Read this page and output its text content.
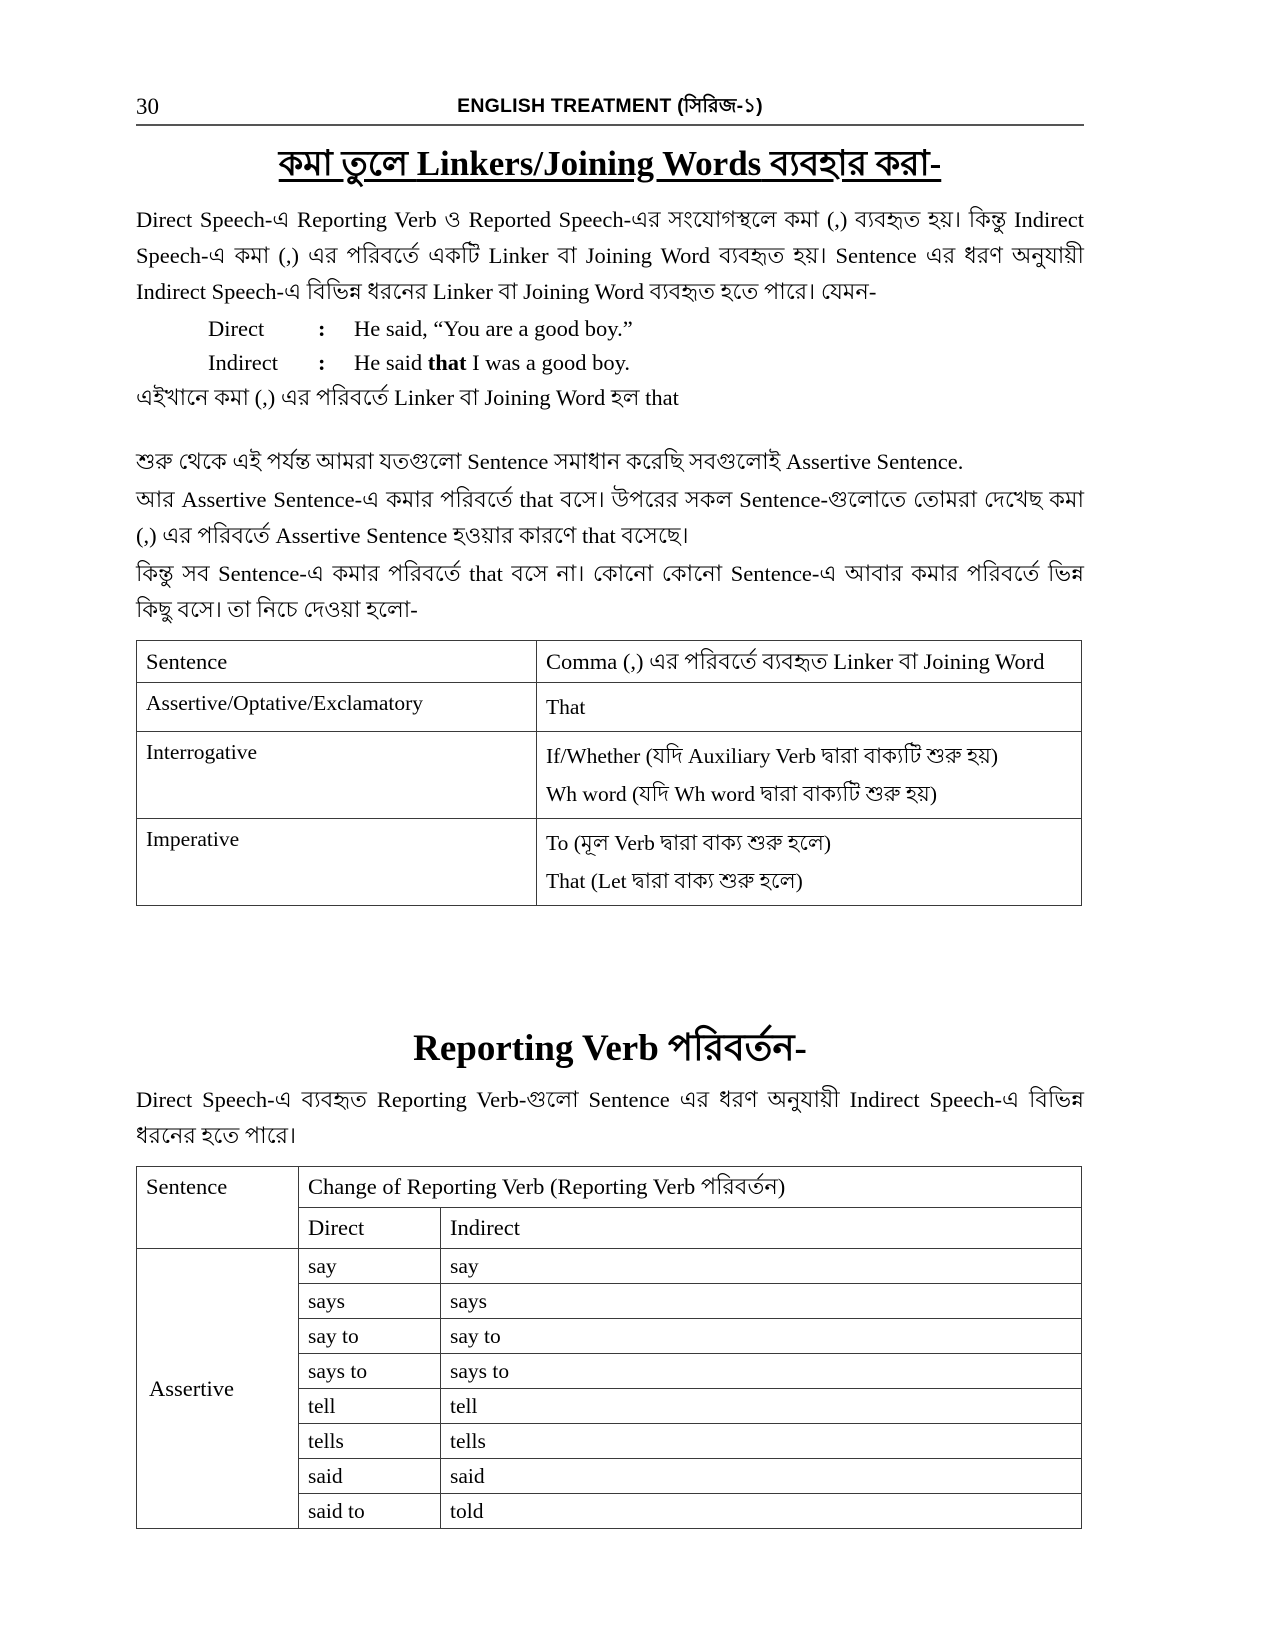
30	ENGLISH TREATMENT (সিরিজ-১)
কমা তুলে Linkers/Joining Words ব্যবহার করা-

Direct Speech-এ Reporting Verb ও Reported Speech-এর সংযোগস্থলে কমা (,) ব্যবহৃত হয়। কিন্তু Indirect Speech-এ কমা (,) এর পরিবর্তে একটি Linker বা Joining Word ব্যবহৃত হয়। Sentence এর ধরণ অনুযায়ী Indirect Speech-এ বিভিন্ন ধরনের Linker বা Joining Word ব্যবহৃত হতে পারে। যেমন-

Direct : He said, “You are a good boy.”
Indirect : He said that I was a good boy.

এইখানে কমা (,) এর পরিবর্তে Linker বা Joining Word হল that

শুরু থেকে এই পর্যন্ত আমরা যতগুলো Sentence সমাধান করেছি সবগুলোই Assertive Sentence.

আর Assertive Sentence-এ কমার পরিবর্তে that বসে। উপরের সকল Sentence-গুলোতে তোমরা দেখেছ কমা (,) এর পরিবর্তে Assertive Sentence হওয়ার কারণে that বসেছে।

কিন্তু সব Sentence-এ কমার পরিবর্তে that বসে না। কোনো কোনো Sentence-এ আবার কমার পরিবর্তে ভিন্ন কিছু বসে। তা নিচে দেওয়া হলো-

Sentence	Comma (,) এর পরিবর্তে ব্যবহৃত Linker বা Joining Word
Assertive/Optative/Exclamatory	That

Interrogative	If/Whether (যদি Auxiliary Verb দ্বারা বাক্যটি শুরু হয়)
Wh word (যদি Wh word দ্বারা বাক্যটি শুরু হয়)

Imperative	To (মূল Verb দ্বারা বাক্য শুরু হলে)
That (Let দ্বারা বাক্য শুরু হলে)
Reporting Verb পরিবর্তন-

Direct Speech-এ ব্যবহৃত Reporting Verb-গুলো Sentence এর ধরণ অনুযায়ী Indirect Speech-এ বিভিন্ন ধরনের হতে পারে।

Sentence	Change of Reporting Verb (Reporting Verb পরিবর্তন)	
	Direct	Indirect
Assertive	say	say
	says	says
	say to	say to
	says to	says to
	tell	tell
	tells	tells
	said	said
	said to	told
